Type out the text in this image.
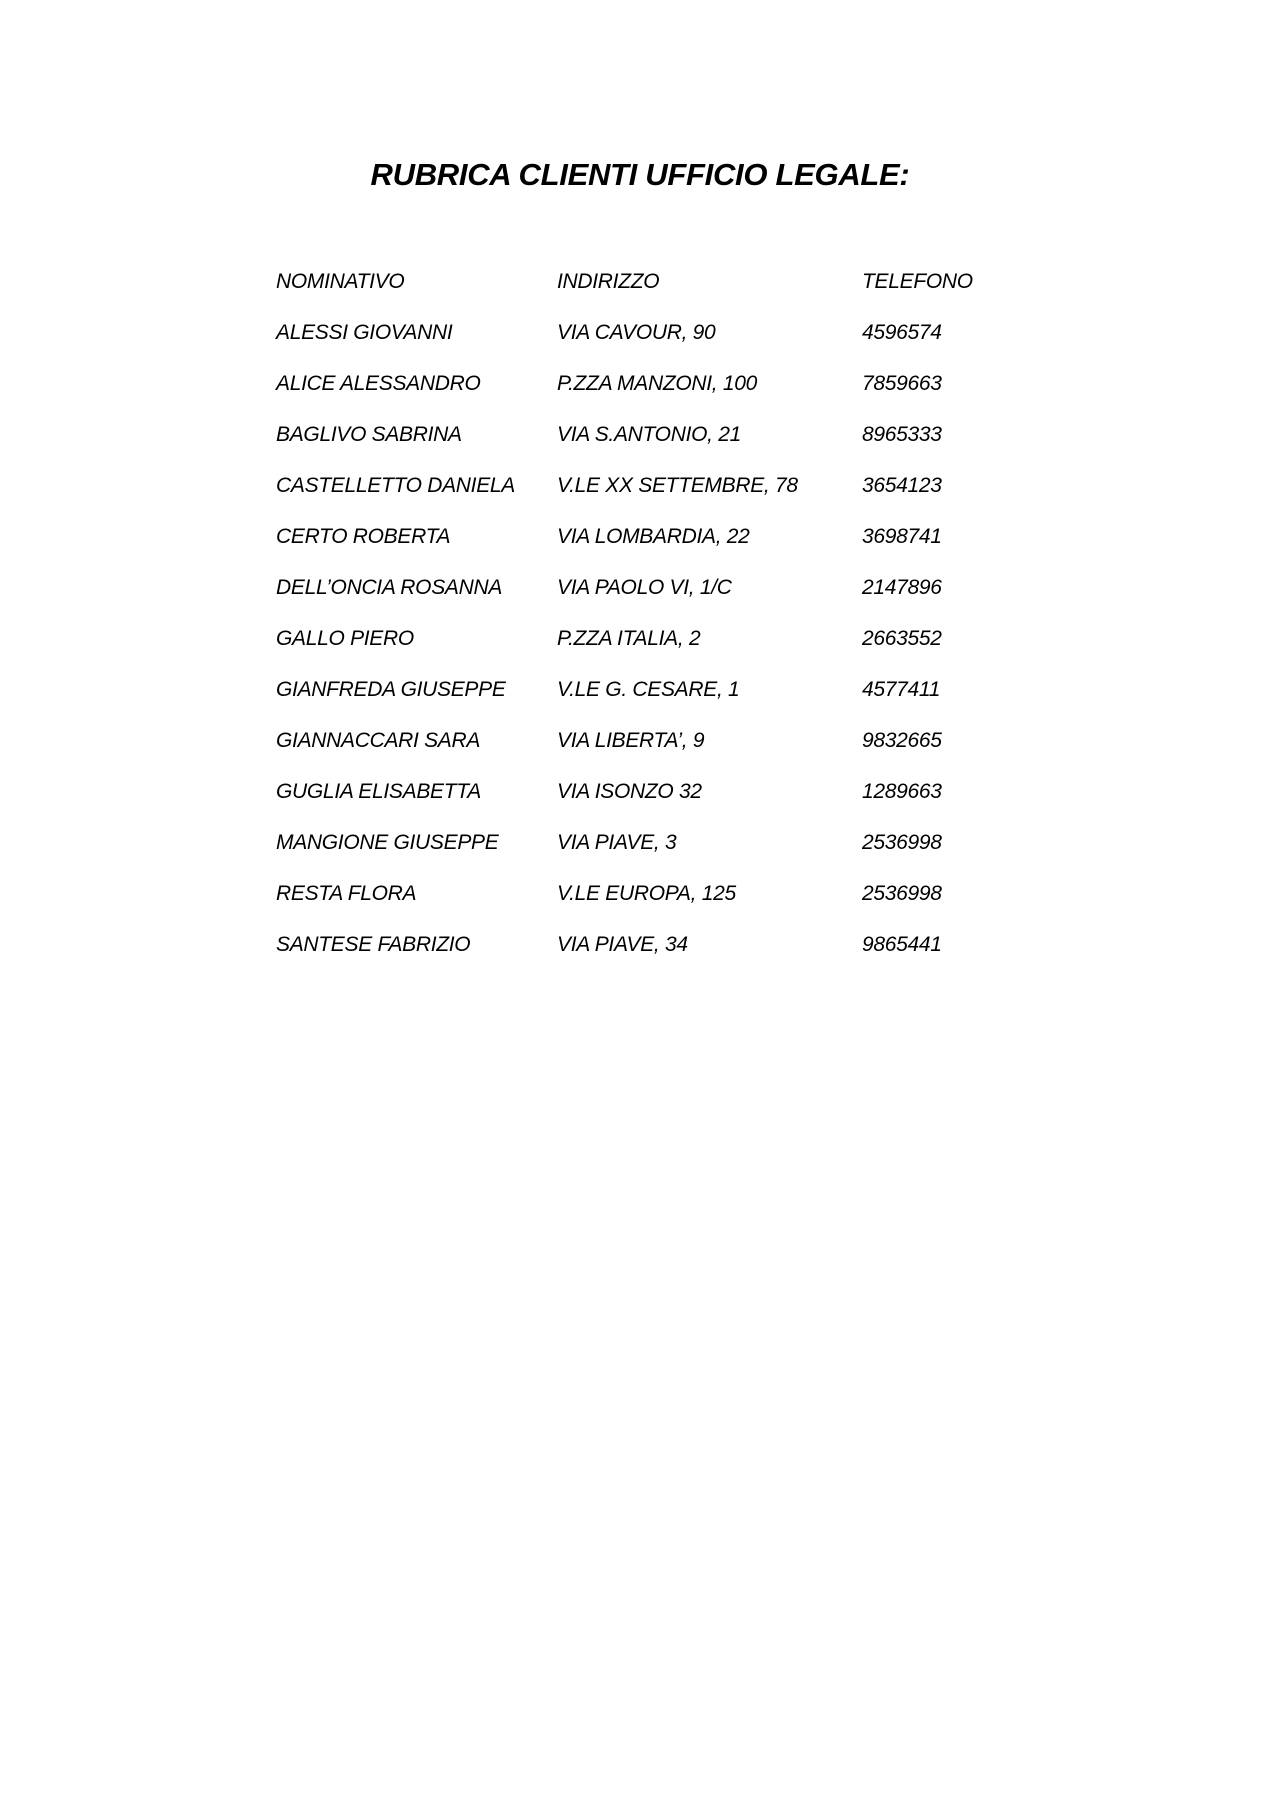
RUBRICA CLIENTI UFFICIO LEGALE:
NOMINATIVO	INDIRIZZO	TELEFONO
ALESSI GIOVANNI	VIA CAVOUR, 90	4596574
ALICE ALESSANDRO	P.ZZA MANZONI, 100	7859663
BAGLIVO SABRINA	VIA S.ANTONIO, 21	8965333
CASTELLETTO DANIELA	V.LE XX SETTEMBRE, 78	3654123
CERTO ROBERTA	VIA LOMBARDIA, 22	3698741
DELL’ONCIA ROSANNA	VIA PAOLO VI, 1/C	2147896
GALLO PIERO	P.ZZA ITALIA, 2	2663552
GIANFREDA GIUSEPPE	V.LE G. CESARE, 1	4577411
GIANNACCARI SARA	VIA LIBERTA’, 9	9832665
GUGLIA ELISABETTA	VIA ISONZO 32	1289663
MANGIONE GIUSEPPE	VIA PIAVE, 3	2536998
RESTA FLORA	V.LE EUROPA, 125	2536998
SANTESE FABRIZIO	VIA PIAVE, 34	9865441
